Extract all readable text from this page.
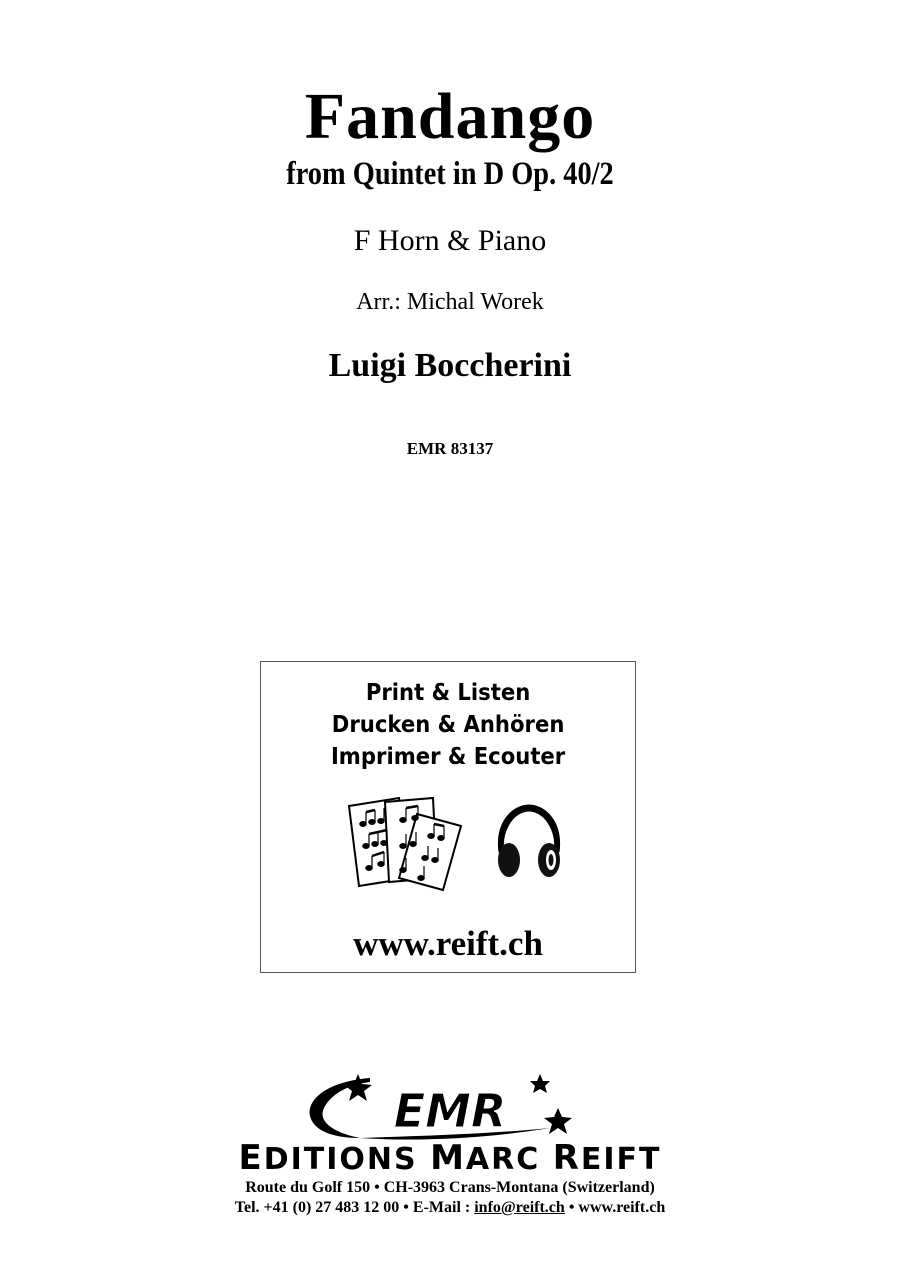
Fandango
from Quintet in D Op. 40/2
F Horn & Piano
Arr.: Michal Worek
Luigi Boccherini
EMR 83137
Print & Listen
Drucken & Anhören
Imprimer & Ecouter
www.reift.ch
EMR
EDITIONS MARC REIFT
Route du Golf 150 • CH-3963 Crans-Montana (Switzerland)
Tel. +41 (0) 27 483 12 00 • E-Mail : info@reift.ch • www.reift.ch
